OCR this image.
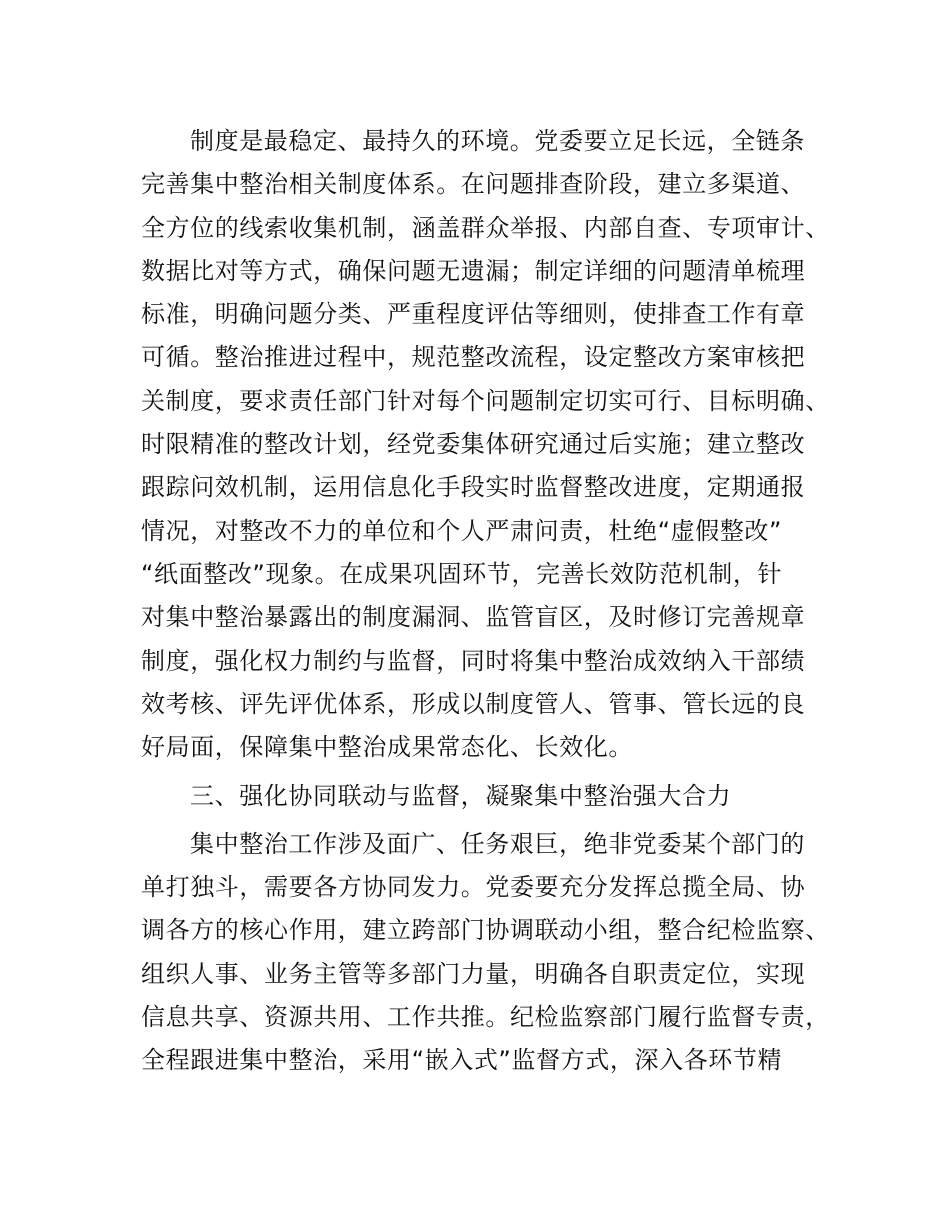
制度是最稳定、最持久的环境。党委要立足长远，全链条
完善集中整治相关制度体系。在问题排查阶段，建立多渠道、
全方位的线索收集机制，涵盖群众举报、内部自查、专项审计、
数据比对等方式，确保问题无遗漏；制定详细的问题清单梳理
标准，明确问题分类、严重程度评估等细则，使排查工作有章
可循。整治推进过程中，规范整改流程，设定整改方案审核把
关制度，要求责任部门针对每个问题制定切实可行、目标明确、
时限精准的整改计划，经党委集体研究通过后实施；建立整改
跟踪问效机制，运用信息化手段实时监督整改进度，定期通报
情况，对整改不力的单位和个人严肃问责，杜绝“虚假整改”
“纸面整改”现象。在成果巩固环节，完善长效防范机制，针
对集中整治暴露出的制度漏洞、监管盲区，及时修订完善规章
制度，强化权力制约与监督，同时将集中整治成效纳入干部绩
效考核、评先评优体系，形成以制度管人、管事、管长远的良
好局面，保障集中整治成果常态化、长效化。
三、强化协同联动与监督，凝聚集中整治强大合力
集中整治工作涉及面广、任务艰巨，绝非党委某个部门的
单打独斗，需要各方协同发力。党委要充分发挥总揽全局、协
调各方的核心作用，建立跨部门协调联动小组，整合纪检监察、
组织人事、业务主管等多部门力量，明确各自职责定位，实现
信息共享、资源共用、工作共推。纪检监察部门履行监督专责，
全程跟进集中整治，采用“嵌入式”监督方式，深入各环节精
